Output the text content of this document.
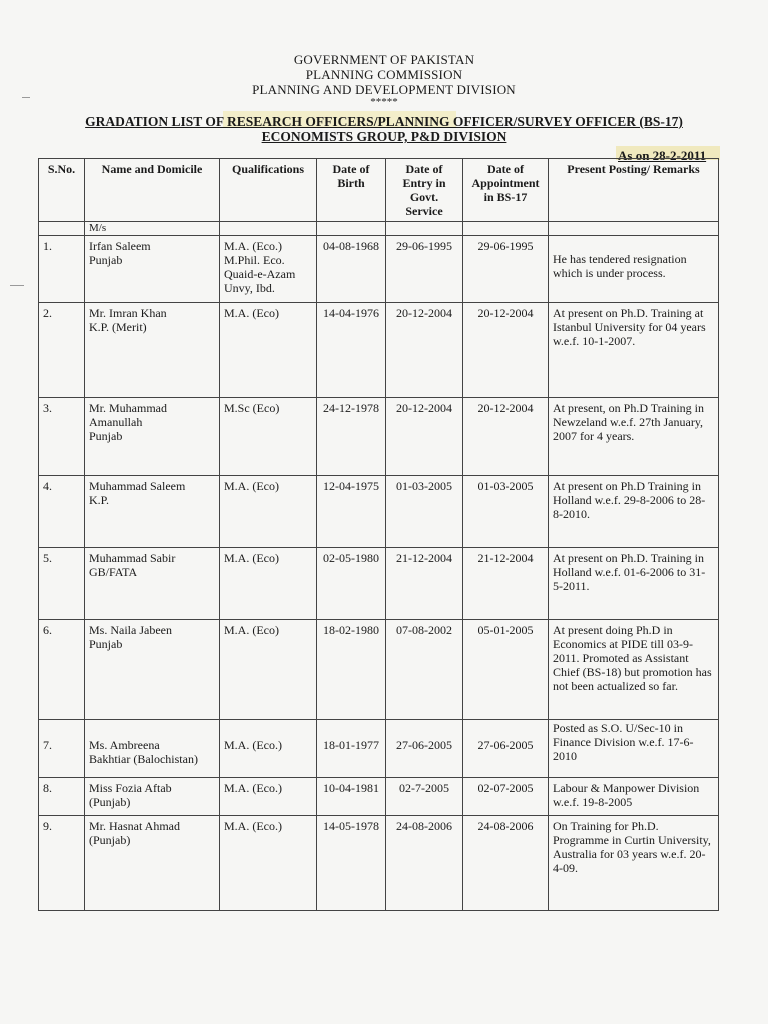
GOVERNMENT OF PAKISTAN
PLANNING COMMISSION
PLANNING AND DEVELOPMENT DIVISION
*****
GRADATION LIST OF RESEARCH OFFICERS/PLANNING OFFICER/SURVEY OFFICER (BS-17)
ECONOMISTS GROUP, P&D DIVISION
As on 28-2-2011
S.No.	Name and Domicile	Qualifications	Date of Birth	Date of Entry in Govt. Service	Date of Appointment in BS-17	Present Posting/ Remarks
	M/s					
1.	Irfan Saleem
Punjab	M.A. (Eco.)
M.Phil. Eco.
Quaid-e-Azam
Unvy, Ibd.	04-08-1968	29-06-1995	29-06-1995	He has tendered resignation which is under process.
2.	Mr. Imran Khan
K.P. (Merit)	M.A. (Eco)	14-04-1976	20-12-2004	20-12-2004	At present on Ph.D. Training at Istanbul University for 04 years w.e.f. 10-1-2007.
3.	Mr. Muhammad
Amanullah
Punjab	M.Sc (Eco)	24-12-1978	20-12-2004	20-12-2004	At present, on Ph.D Training in Newzeland w.e.f. 27th January, 2007 for 4 years.
4.	Muhammad Saleem
K.P.	M.A. (Eco)	12-04-1975	01-03-2005	01-03-2005	At present on Ph.D Training in Holland w.e.f. 29-8-2006 to 28-8-2010.
5.	Muhammad Sabir
GB/FATA	M.A. (Eco)	02-05-1980	21-12-2004	21-12-2004	At present on Ph.D. Training in Holland w.e.f. 01-6-2006 to 31-5-2011.
6.	Ms. Naila Jabeen
Punjab	M.A. (Eco)	18-02-1980	07-08-2002	05-01-2005	At present doing Ph.D in Economics at PIDE till 03-9- 2011. Promoted as Assistant Chief (BS-18) but promotion has not been actualized so far.
7.	Ms. Ambreena
Bakhtiar (Balochistan)	M.A. (Eco.)	18-01-1977	27-06-2005	27-06-2005	Posted as S.O. U/Sec-10 in Finance Division w.e.f. 17-6-2010
8.	Miss Fozia Aftab
(Punjab)	M.A. (Eco.)	10-04-1981	02-7-2005	02-07-2005	Labour & Manpower Division w.e.f. 19-8-2005
9.	Mr. Hasnat Ahmad
(Punjab)	M.A. (Eco.)	14-05-1978	24-08-2006	24-08-2006	On Training for Ph.D. Programme in Curtin University, Australia for 03 years w.e.f. 20-4-09.
